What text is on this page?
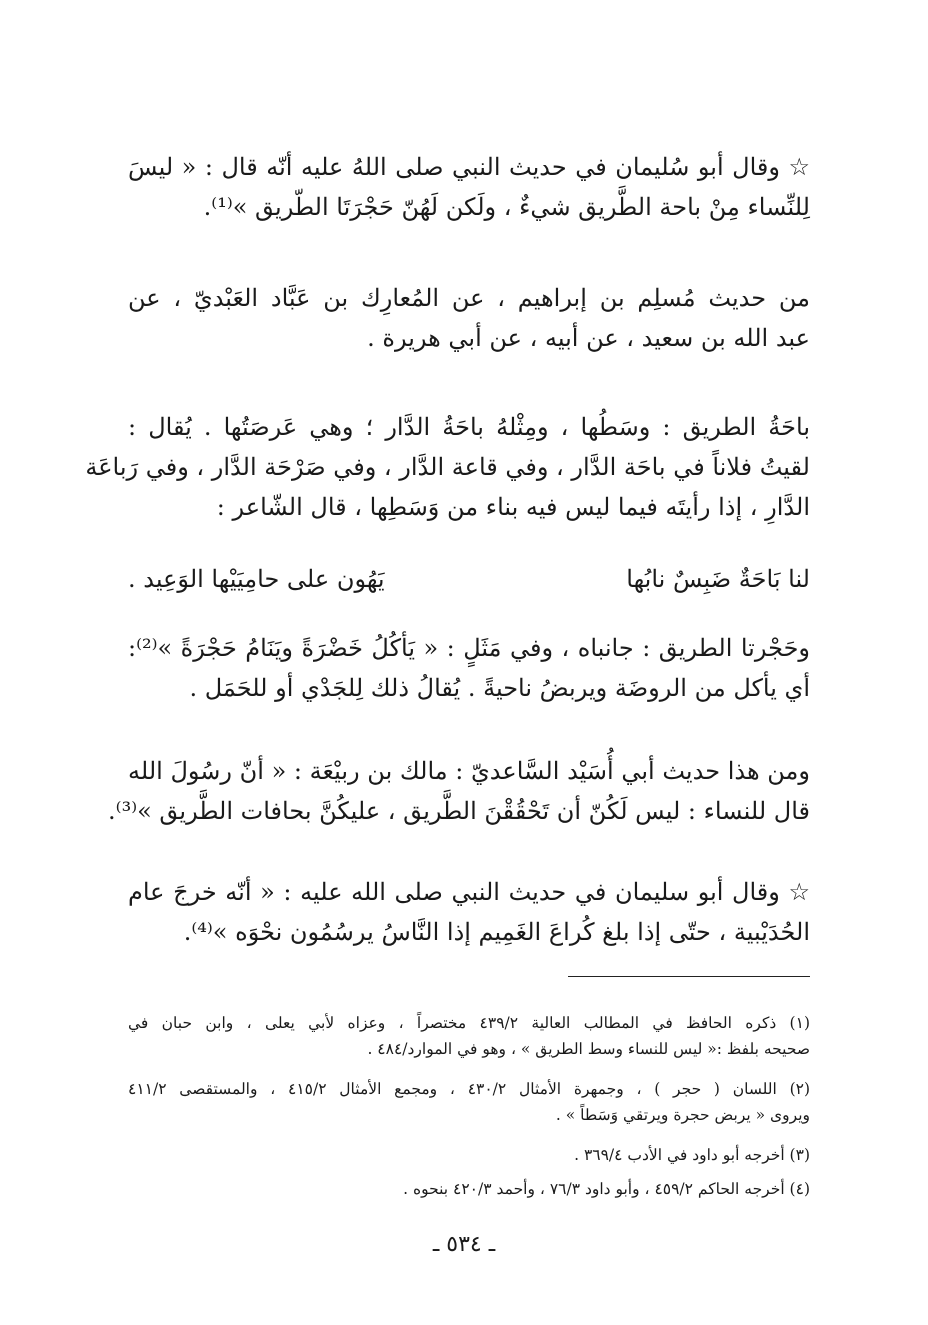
☆ وقال أبو سُليمان في حديث النبي صلى اللهُ عليه أنّه قال : « ليسَ
لِلنِّساء مِنْ باحة الطَّريق شيءٌ ، ولَكن لَهُنّ حَجْرَتَا الطّريق »⁽¹⁾.
من حديث مُسلِم بن إبراهيم ، عن المُعارِك بن عَبَّاد العَبْديّ ، عن
عبد الله بن سعيد ، عن أبيه ، عن أبي هريرة .
باحَةُ الطريق : وسَطُها ، ومِثْلهُ باحَةُ الدَّار ؛ وهي عَرصَتُها . يُقال :
لقيتُ فلاناً في باحَة الدَّار ، وفي قاعة الدَّار ، وفي صَرْحَة الدَّار ، وفي رَباعَة
الدَّارِ ، إذا رأيتَه فيما ليس فيه بناء من وَسَطِها ، قال الشّاعر :
لنا بَاحَةٌ ضَبِسٌ نابُها
يَهُون على حامِيَيْها الوَعِيد .
وحَجْرتا الطريق : جانباه ، وفي مَثَلٍ : « يَأكُلُ خَضْرَةً ويَنَامُ حَجْرَةً »⁽²⁾:
أي يأكل من الروضَة ويربضُ ناحيةً . يُقالُ ذلك لِلجَدْي أو للحَمَل .
ومن هذا حديث أبي أُسَيْد السَّاعديّ : مالك بن ربيْعَة : « أنّ رسُولَ الله
قال للنساء : ليس لَكُنّ أن تَحْقُقْنَ الطَّريق ، عليكُنَّ بحافات الطَّريق »⁽³⁾.
☆ وقال أبو سليمان في حديث النبي صلى الله عليه : « أنّه خرجَ عام
الحُدَيْبية ، حتّى إذا بلغ كُراعَ الغَمِيم إذا النَّاسُ يرسُمُون نحْوَه »⁽⁴⁾.
(١) ذكره الحافظ في المطالب العالية ٤٣٩/٢ مختصراً ، وعزاه لأبي يعلى ، وابن حبان في
صحيحه بلفظ :« ليس للنساء وسط الطريق » ، وهو في الموارد/٤٨٤ .
(٢) اللسان ( حجر ) ، وجمهرة الأمثال ٤٣٠/٢ ، ومجمع الأمثال ٤١٥/٢ ، والمستقصى ٤١١/٢
ويروى « يربض حجرة ويرتقي وَسَطاً » .
(٣) أخرجه أبو داود في الأدب ٣٦٩/٤ .
(٤) أخرجه الحاكم ٤٥٩/٢ ، وأبو داود ٧٦/٣ ، وأحمد ٤٢٠/٣ بنحوه .
ـ ٥٣٤ ـ
